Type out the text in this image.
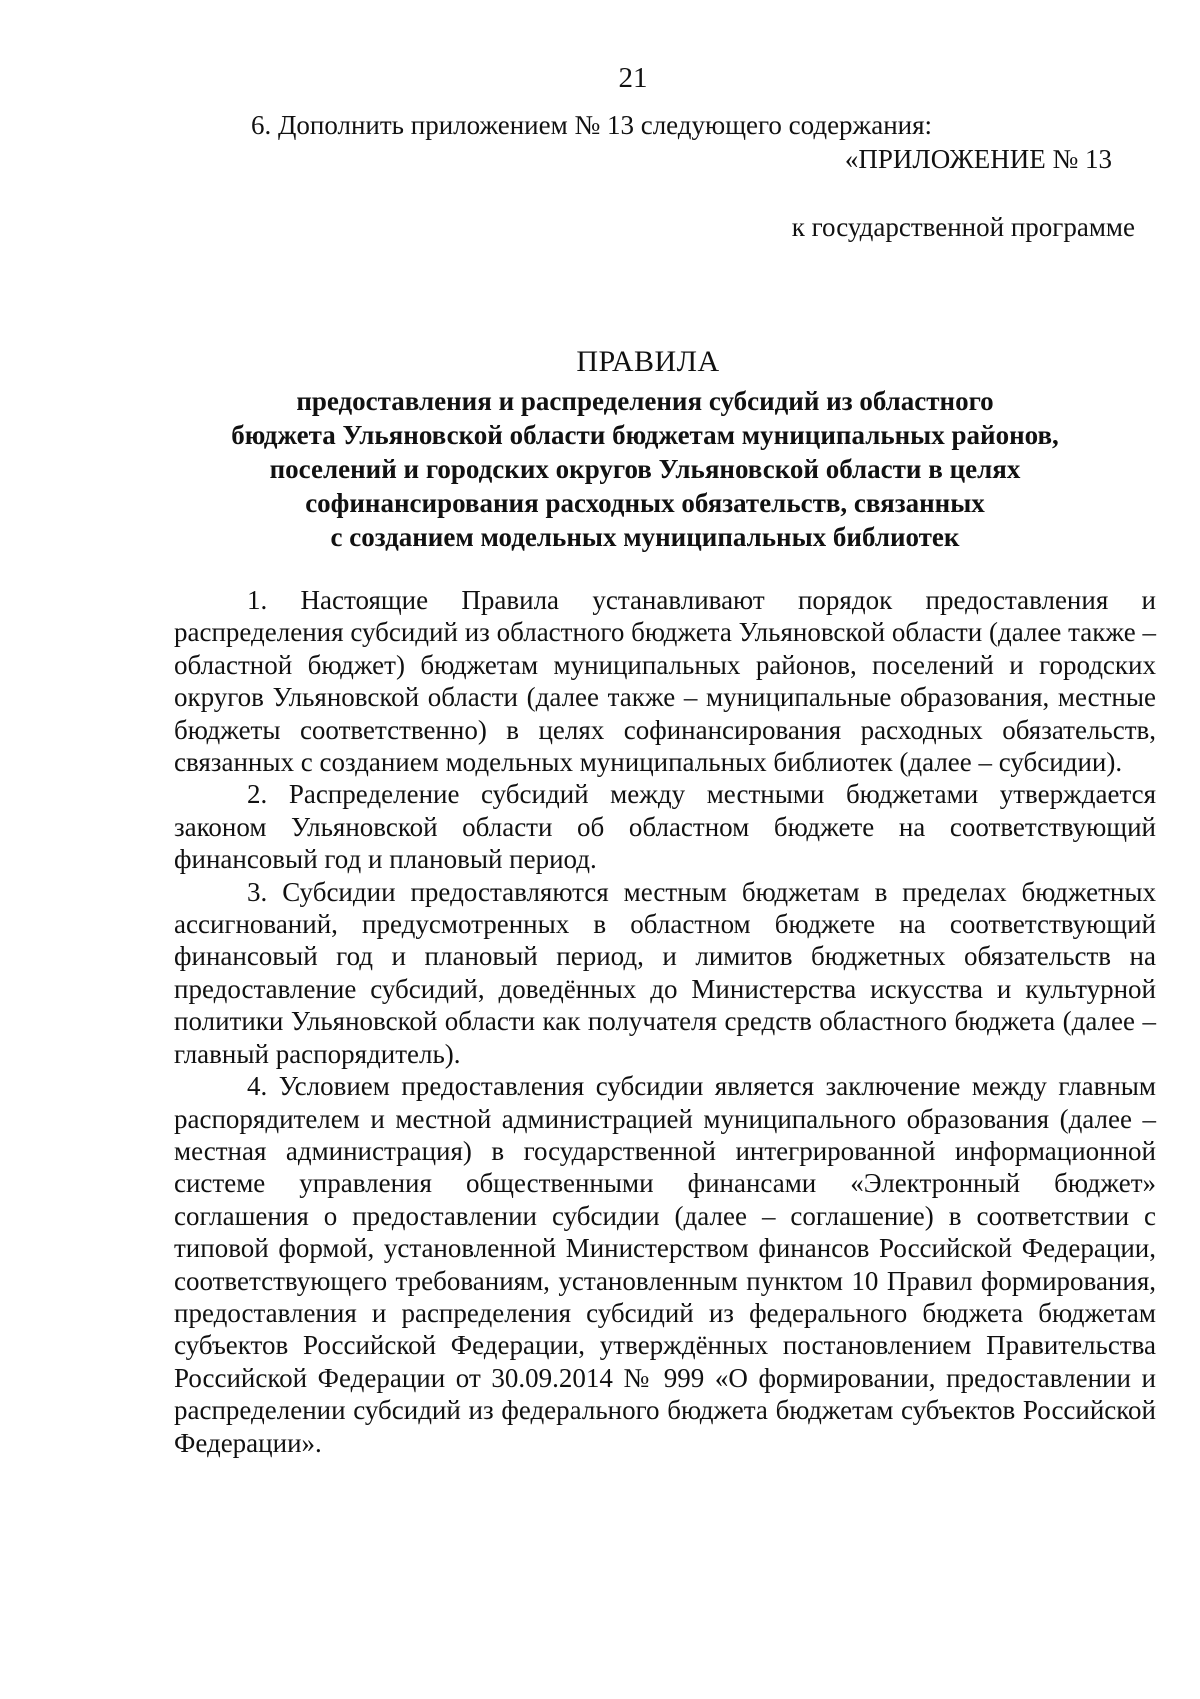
21
6. Дополнить приложением № 13 следующего содержания:
«ПРИЛОЖЕНИЕ № 13
к государственной программе
ПРАВИЛА
предоставления и распределения субсидий из областного
бюджета Ульяновской области бюджетам муниципальных районов,
поселений и городских округов Ульяновской области в целях
софинансирования расходных обязательств, связанных
с созданием модельных муниципальных библиотек

1. Настоящие Правила устанавливают порядок предоставления и распределения субсидий из областного бюджета Ульяновской области (далее также – областной бюджет) бюджетам муниципальных районов, поселений и городских округов Ульяновской области (далее также – муниципальные образования, местные бюджеты соответственно) в целях софинансирования расходных обязательств, связанных с созданием модельных муниципальных библиотек (далее – субсидии).

2. Распределение субсидий между местными бюджетами утверждается законом Ульяновской области об областном бюджете на соответствующий финансовый год и плановый период.

3. Субсидии предоставляются местным бюджетам в пределах бюджетных ассигнований, предусмотренных в областном бюджете на соответствующий финансовый год и плановый период, и лимитов бюджетных обязательств на предоставление субсидий, доведённых до Министерства искусства и культурной политики Ульяновской области как получателя средств областного бюджета (далее – главный распорядитель).

4. Условием предоставления субсидии является заключение между главным распорядителем и местной администрацией муниципального образования (далее – местная администрация) в государственной интегрированной информационной системе управления общественными финансами «Электронный бюджет» соглашения о предоставлении субсидии (далее – соглашение) в соответствии с типовой формой, установленной Министерством финансов Российской Федерации, соответствующего требованиям, установленным пунктом 10 Правил формирования, предоставления и распределения субсидий из федерального бюджета бюджетам субъектов Российской Федерации, утверждённых постановлением Правительства Российской Федерации от 30.09.2014 № 999 «О формировании, предоставлении и распределении субсидий из федерального бюджета бюджетам субъектов Российской Федерации».
